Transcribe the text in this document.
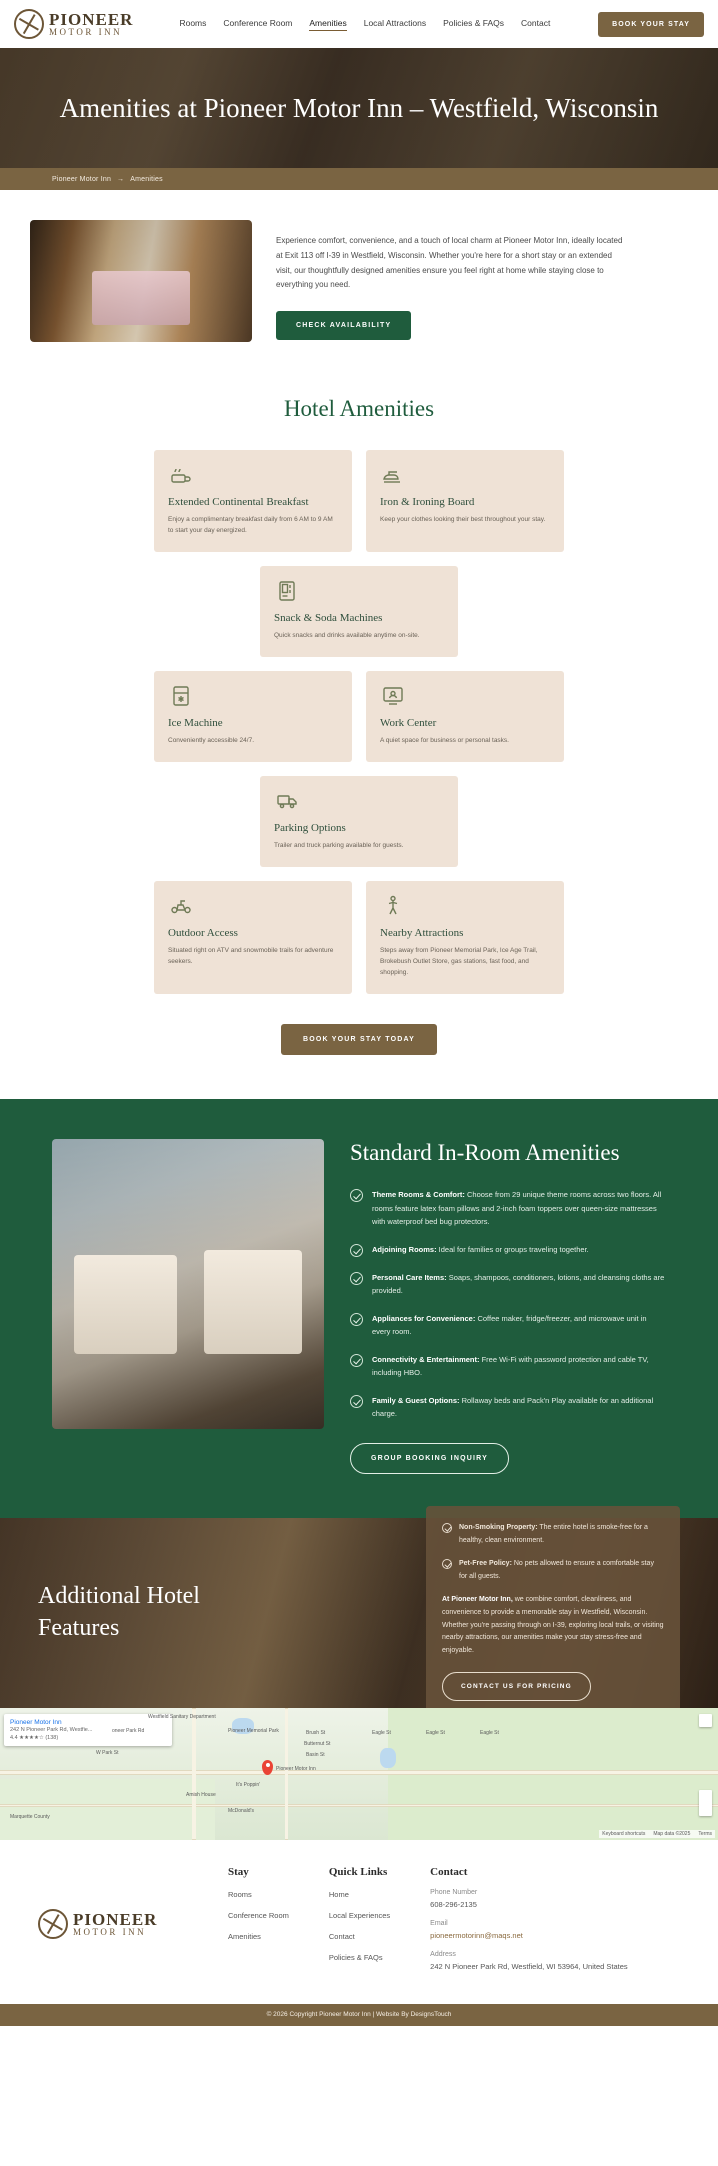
PIONEER
MOTOR INN
Rooms Conference Room Amenities Local Attractions Policies & FAQs Contact	BOOK YOUR STAY
Amenities at Pioneer Motor Inn – Westfield, Wisconsin
Pioneer Motor Inn → Amenities

Experience comfort, convenience, and a touch of local charm at Pioneer Motor Inn, ideally located at Exit 113 off I-39 in Westfield, Wisconsin. Whether you're here for a short stay or an extended visit, our thoughtfully designed amenities ensure you feel right at home while staying close to everything you need.

CHECK AVAILABILITY
Hotel Amenities
Extended Continental Breakfast

Enjoy a complimentary breakfast daily from 6 AM to 9 AM to start your day energized.

Iron & Ironing Board

Keep your clothes looking their best throughout your stay.

Snack & Soda Machines

Quick snacks and drinks available anytime on-site.

Ice Machine

Conveniently accessible 24/7.

Work Center

A quiet space for business or personal tasks.

Parking Options

Trailer and truck parking available for guests.

Outdoor Access

Situated right on ATV and snowmobile trails for adventure seekers.

Nearby Attractions

Steps away from Pioneer Memorial Park, Ice Age Trail, Brokebush Outlet Store, gas stations, fast food, and shopping.

BOOK YOUR STAY TODAY
Standard In-Room Amenities

Theme Rooms & Comfort: Choose from 29 unique theme rooms across two floors. All rooms feature latex foam pillows and 2-inch foam toppers over queen-size mattresses with waterproof bed bug protectors.

Adjoining Rooms: Ideal for families or groups traveling together.

Personal Care Items: Soaps, shampoos, conditioners, lotions, and cleansing cloths are provided.

Appliances for Convenience: Coffee maker, fridge/freezer, and microwave unit in every room.

Connectivity & Entertainment: Free Wi-Fi with password protection and cable TV, including HBO.

Family & Guest Options: Rollaway beds and Pack'n Play available for an additional charge.

GROUP BOOKING INQUIRY
Additional Hotel Features

Non-Smoking Property: The entire hotel is smoke-free for a healthy, clean environment.

Pet-Free Policy: No pets allowed to ensure a comfortable stay for all guests.

At Pioneer Motor Inn, we combine comfort, cleanliness, and convenience to provide a memorable stay in Westfield, Wisconsin. Whether you're passing through on I-39, exploring local trails, or visiting nearby attractions, our amenities make your stay stress-free and enjoyable.

CONTACT US FOR PRICING
Pioneer Motor Inn
242 N Pioneer Park Rd, Westfie...
4.4 ★★★★☆ (138)
Westfield Sanitary Department
oneer Park Rd	Pioneer Memorial Park	Brush St
Butternut St
Basin St
Eagle St	Eagle St	Eagle St
Pioneer Motor Inn
W Park St
It's Poppin'
Amish House
McDonald's
Marquette County
Keyboard shortcuts Map data ©2025 Terms
PIONEER
MOTOR INN
Stay
Rooms
Conference Room
Amenities
Quick Links
Home
Local Experiences
Contact
Policies & FAQs
Contact
Phone Number
608-296-2135
Email
pioneermotorinn@maqs.net
Address
242 N Pioneer Park Rd, Westfield, WI 53964, United States
© 2026 Copyright Pioneer Motor Inn | Website By DesignsTouch
